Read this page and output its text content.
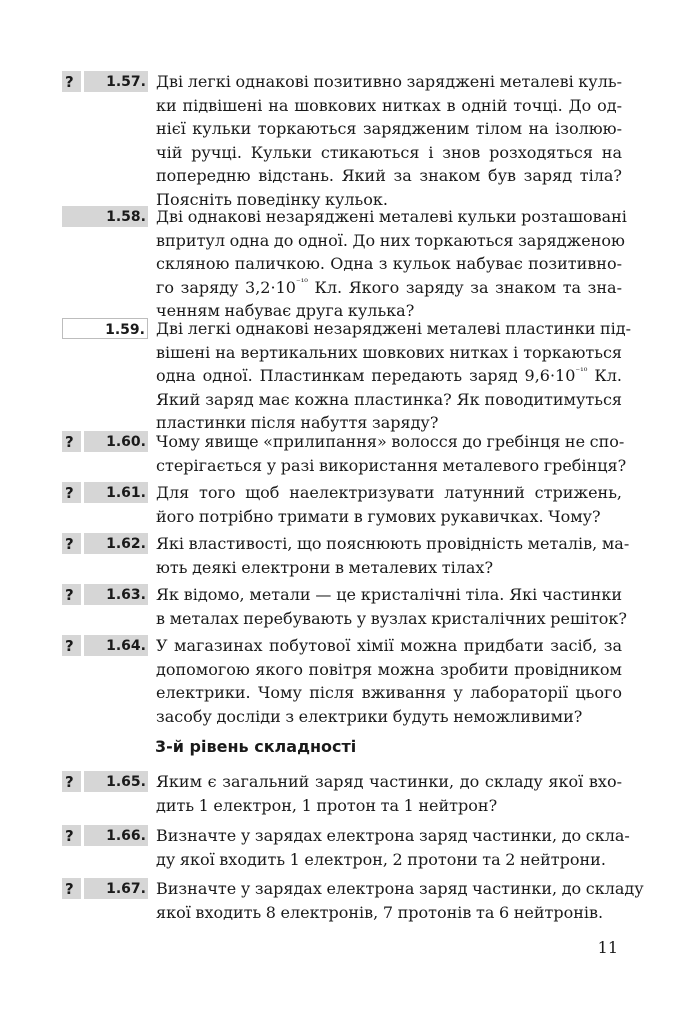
? 1.57. Дві легкі однакові позитивно заряджені металеві куль-
ки підвішені на шовкових нитках в одній точці. До од-
нієї кульки торкаються зарядженим тілом на ізолюю-
чій ручці. Кульки стикаються і знов розходяться на
попередню відстань. Який за знаком був заряд тіла?
Поясніть поведінку кульок.
1.58. Дві однакові незаряджені металеві кульки розташовані
впритул одна до одної. До них торкаються зарядженою
скляною паличкою. Одна з кульок набуває позитивно-
го заряду $3,2\cdot 10^{^{-10}}$ Кл. Якого заряду за знаком та зна-
ченням набуває друга кулька?
1.59. Дві легкі однакові незаряджені металеві пластинки під-
вішені на вертикальних шовкових нитках і торкаються
одна одної. Пластинкам передають заряд $9,6\cdot 10^{^{-10}}$ Кл.
Який заряд має кожна пластинка? Як поводитимуться
пластинки після набуття заряду?
? 1.60. Чому явище «прилипання» волосся до гребінця не спо-
стерігається у разі використання металевого гребінця?
? 1.61. Для того щоб наелектризувати латунний стрижень,
його потрібно тримати в гумових рукавичках. Чому?
? 1.62. Які властивості, що пояснюють провідність металів, ма-
ють деякі електрони в металевих тілах?
? 1.63. Як відомо, метали — це кристалічні тіла. Які частинки
в металах перебувають у вузлах кристалічних решіток?
? 1.64. У магазинах побутової хімії можна придбати засіб, за
допомогою якого повітря можна зробити провідником
електрики. Чому після вживання у лабораторії цього
засобу досліди з електрики будуть неможливими?
3-й рівень складності
? 1.65. Яким є загальний заряд частинки, до складу якої вхо-
дить 1 електрон, 1 протон та 1 нейтрон?
? 1.66. Визначте у зарядах електрона заряд частинки, до скла-
ду якої входить 1 електрон, 2 протони та 2 нейтрони.
? 1.67. Визначте у зарядах електрона заряд частинки, до складу
якої входить 8 електронів, 7 протонів та 6 нейтронів.
11
